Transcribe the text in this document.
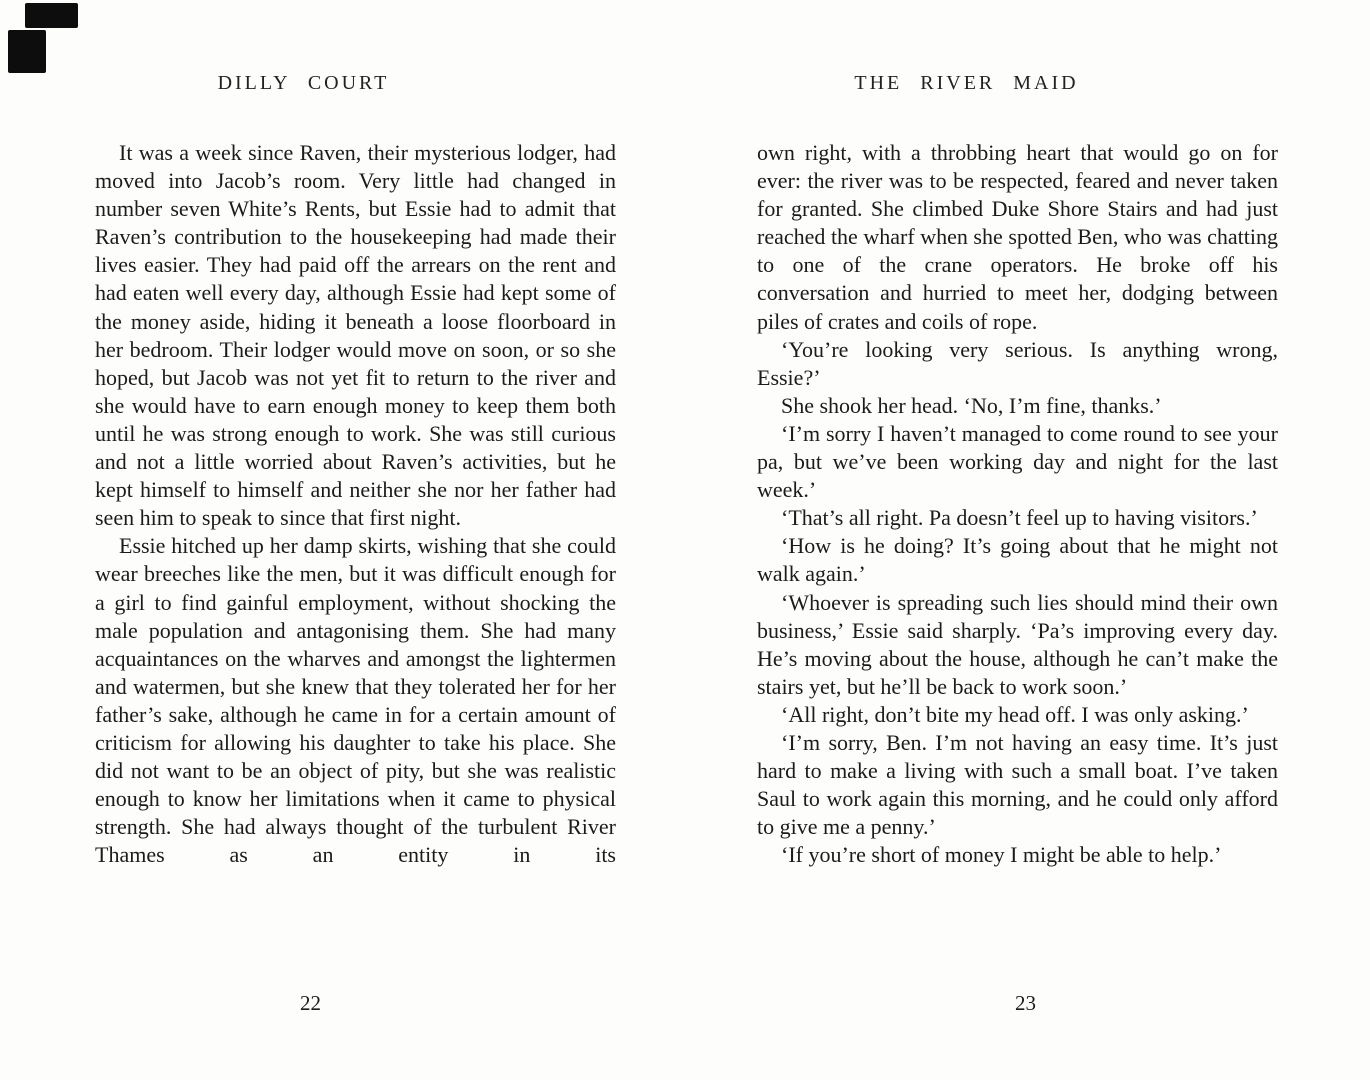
DILLY COURT

It was a week since Raven, their mysterious lodger, had moved into Jacob’s room. Very little had changed in number seven White’s Rents, but Essie had to admit that Raven’s contribution to the housekeeping had made their lives easier. They had paid off the arrears on the rent and had eaten well every day, although Essie had kept some of the money aside, hiding it beneath a loose floorboard in her bedroom. Their lodger would move on soon, or so she hoped, but Jacob was not yet fit to return to the river and she would have to earn enough money to keep them both until he was strong enough to work. She was still curious and not a little worried about Raven’s activities, but he kept himself to himself and neither she nor her father had seen him to speak to since that first night.

Essie hitched up her damp skirts, wishing that she could wear breeches like the men, but it was difficult enough for a girl to find gainful employment, without shocking the male population and antagonising them. She had many acquaintances on the wharves and amongst the lightermen and watermen, but she knew that they tolerated her for her father’s sake, although he came in for a certain amount of criticism for allowing his daughter to take his place. She did not want to be an object of pity, but she was realistic enough to know her limitations when it came to physical strength. She had always thought of the turbulent River Thames as an entity in its

22
THE RIVER MAID

own right, with a throbbing heart that would go on for ever: the river was to be respected, feared and never taken for granted. She climbed Duke Shore Stairs and had just reached the wharf when she spotted Ben, who was chatting to one of the crane operators. He broke off his conversation and hurried to meet her, dodging between piles of crates and coils of rope.

‘You’re looking very serious. Is anything wrong, Essie?’

She shook her head. ‘No, I’m fine, thanks.’

‘I’m sorry I haven’t managed to come round to see your pa, but we’ve been working day and night for the last week.’

‘That’s all right. Pa doesn’t feel up to having visitors.’

‘How is he doing? It’s going about that he might not walk again.’

‘Whoever is spreading such lies should mind their own business,’ Essie said sharply. ‘Pa’s improving every day. He’s moving about the house, although he can’t make the stairs yet, but he’ll be back to work soon.’

‘All right, don’t bite my head off. I was only asking.’

‘I’m sorry, Ben. I’m not having an easy time. It’s just hard to make a living with such a small boat. I’ve taken Saul to work again this morning, and he could only afford to give me a penny.’

‘If you’re short of money I might be able to help.’

23
